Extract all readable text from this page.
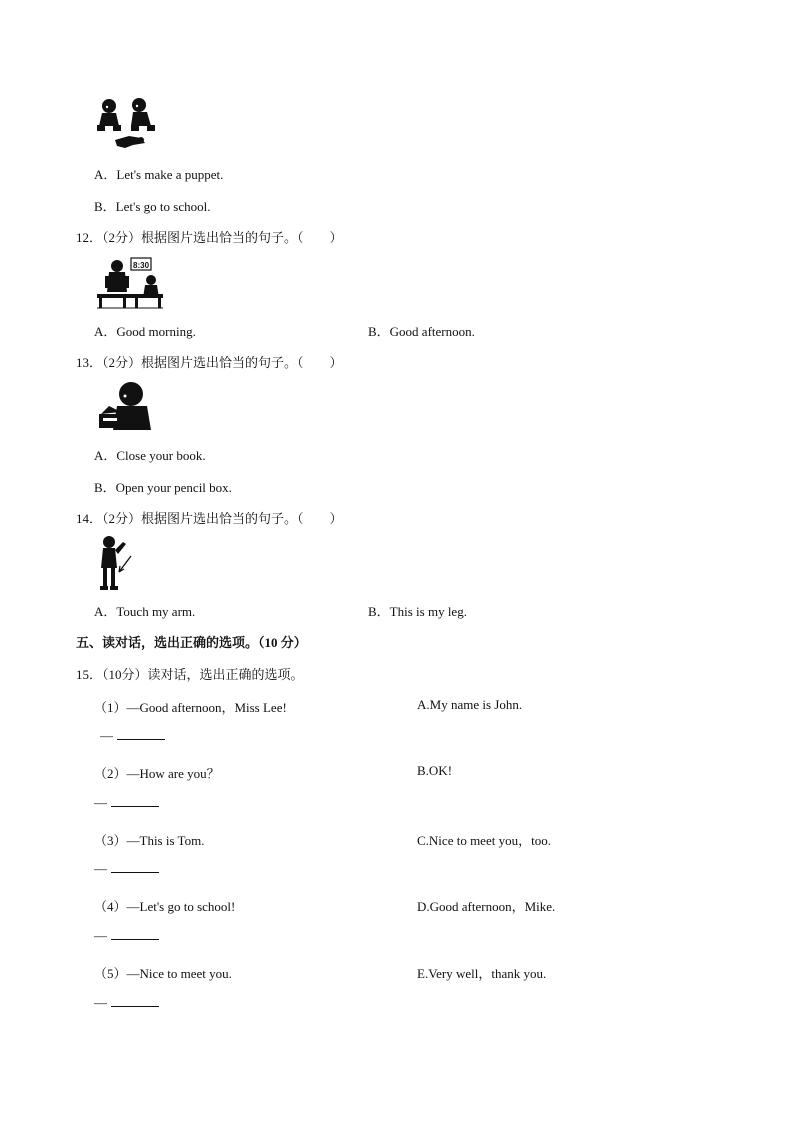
A．Let's make a puppet.
B．Let's go to school.
12．（2分）根据图片选出恰当的句子。（　　）
8:30
A．Good morning.	B．Good afternoon.
13．（2分）根据图片选出恰当的句子。（　　）
A．Close your book.
B．Open your pencil box.
14．（2分）根据图片选出恰当的句子。（　　）
A．Touch my arm.	B．This is my leg.
五、读对话，选出正确的选项。（10 分）
15．（10分）读对话，选出正确的选项。
（1）—Good afternoon，Miss Lee!	A.My name is John.
—
（2）—How are you？	B.OK!
—
（3）—This is Tom.	C.Nice to meet you，too.
—
（4）—Let's go to school!	D.Good afternoon，Mike.
—
（5）—Nice to meet you.	E.Very well，thank you.
—
